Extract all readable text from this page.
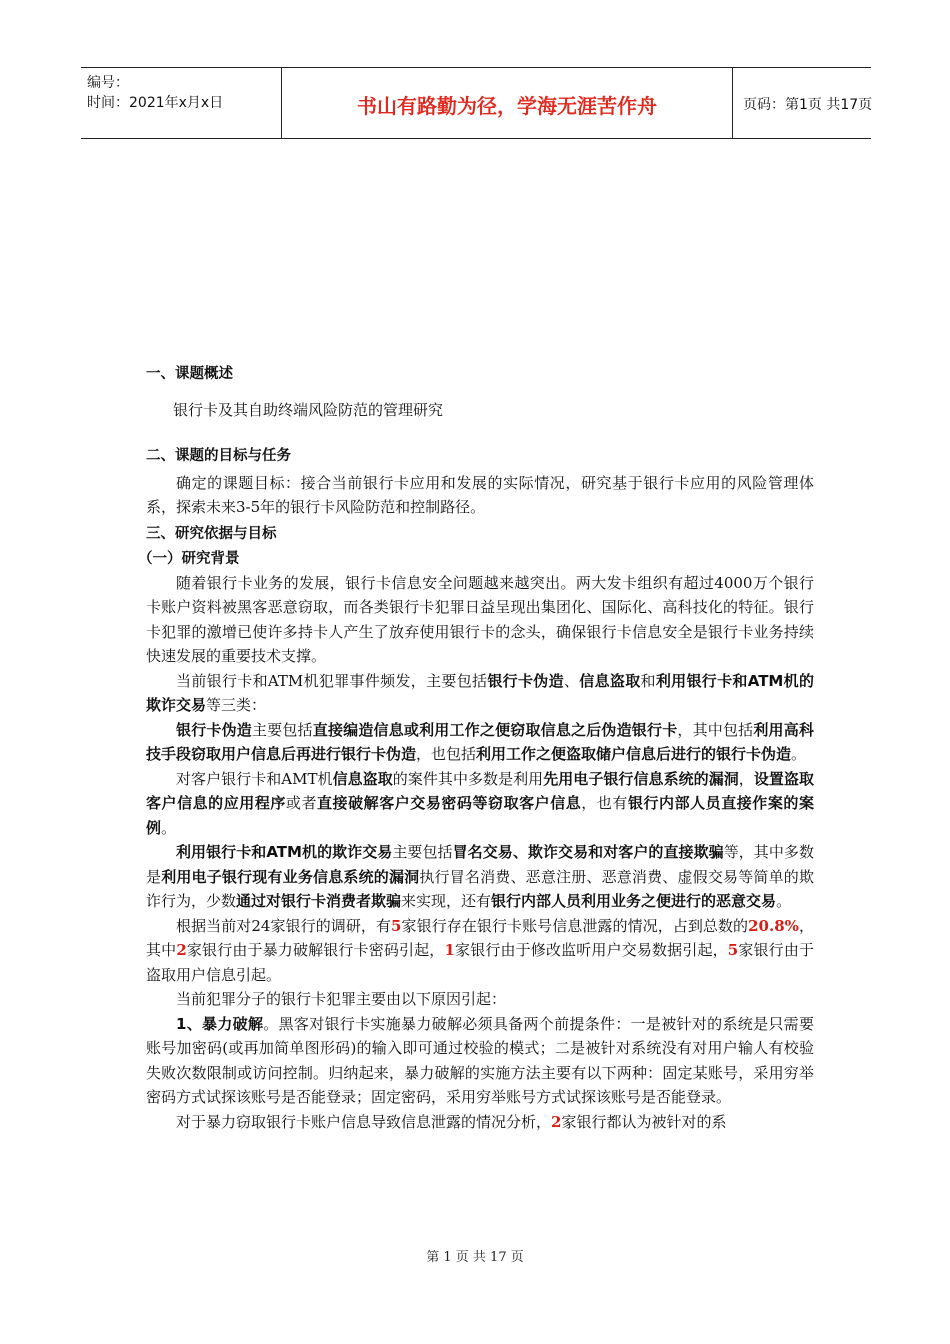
编号：
时间：2021年x月x日	书山有路勤为径，学海无涯苦作舟	页码：第1页 共17页
一、课题概述

银行卡及其自助终端风险防范的管理研究

二、课题的目标与任务

确定的课题目标：接合当前银行卡应用和发展的实际情况，研究基于银行卡应用的风险管理体系，探索未来3-5年的银行卡风险防范和控制路径。

三、研究依据与目标
（一）研究背景

随着银行卡业务的发展，银行卡信息安全问题越来越突出。两大发卡组织有超过4000万个银行卡账户资料被黑客恶意窃取，而各类银行卡犯罪日益呈现出集团化、国际化、高科技化的特征。银行卡犯罪的激增已使许多持卡人产生了放弃使用银行卡的念头，确保银行卡信息安全是银行卡业务持续快速发展的重要技术支撑。

当前银行卡和ATM机犯罪事件频发，主要包括银行卡伪造、信息盗取和利用银行卡和ATM机的欺诈交易等三类：

银行卡伪造主要包括直接编造信息或利用工作之便窃取信息之后伪造银行卡，其中包括利用高科技手段窃取用户信息后再进行银行卡伪造，也包括利用工作之便盗取储户信息后进行的银行卡伪造。

对客户银行卡和AMT机信息盗取的案件其中多数是利用先用电子银行信息系统的漏洞，设置盗取客户信息的应用程序或者直接破解客户交易密码等窃取客户信息，也有银行内部人员直接作案的案例。

利用银行卡和ATM机的欺诈交易主要包括冒名交易、欺诈交易和对客户的直接欺骗等，其中多数是利用电子银行现有业务信息系统的漏洞执行冒名消费、恶意注册、恶意消费、虚假交易等简单的欺诈行为，少数通过对银行卡消费者欺骗来实现，还有银行内部人员利用业务之便进行的恶意交易。

根据当前对24家银行的调研，有5家银行存在银行卡账号信息泄露的情况，占到总数的20.8%，其中2家银行由于暴力破解银行卡密码引起，1家银行由于修改监听用户交易数据引起，5家银行由于盗取用户信息引起。

当前犯罪分子的银行卡犯罪主要由以下原因引起：

1、暴力破解。黑客对银行卡实施暴力破解必须具备两个前提条件：一是被针对的系统是只需要账号加密码(或再加简单图形码)的输入即可通过校验的模式；二是被针对系统没有对用户输人有校验失败次数限制或访问控制。归纳起来，暴力破解的实施方法主要有以下两种：固定某账号，采用穷举密码方式试探该账号是否能登录；固定密码，采用穷举账号方式试探该账号是否能登录。

对于暴力窃取银行卡账户信息导致信息泄露的情况分析，2家银行都认为被针对的系

第 1 页 共 17 页
